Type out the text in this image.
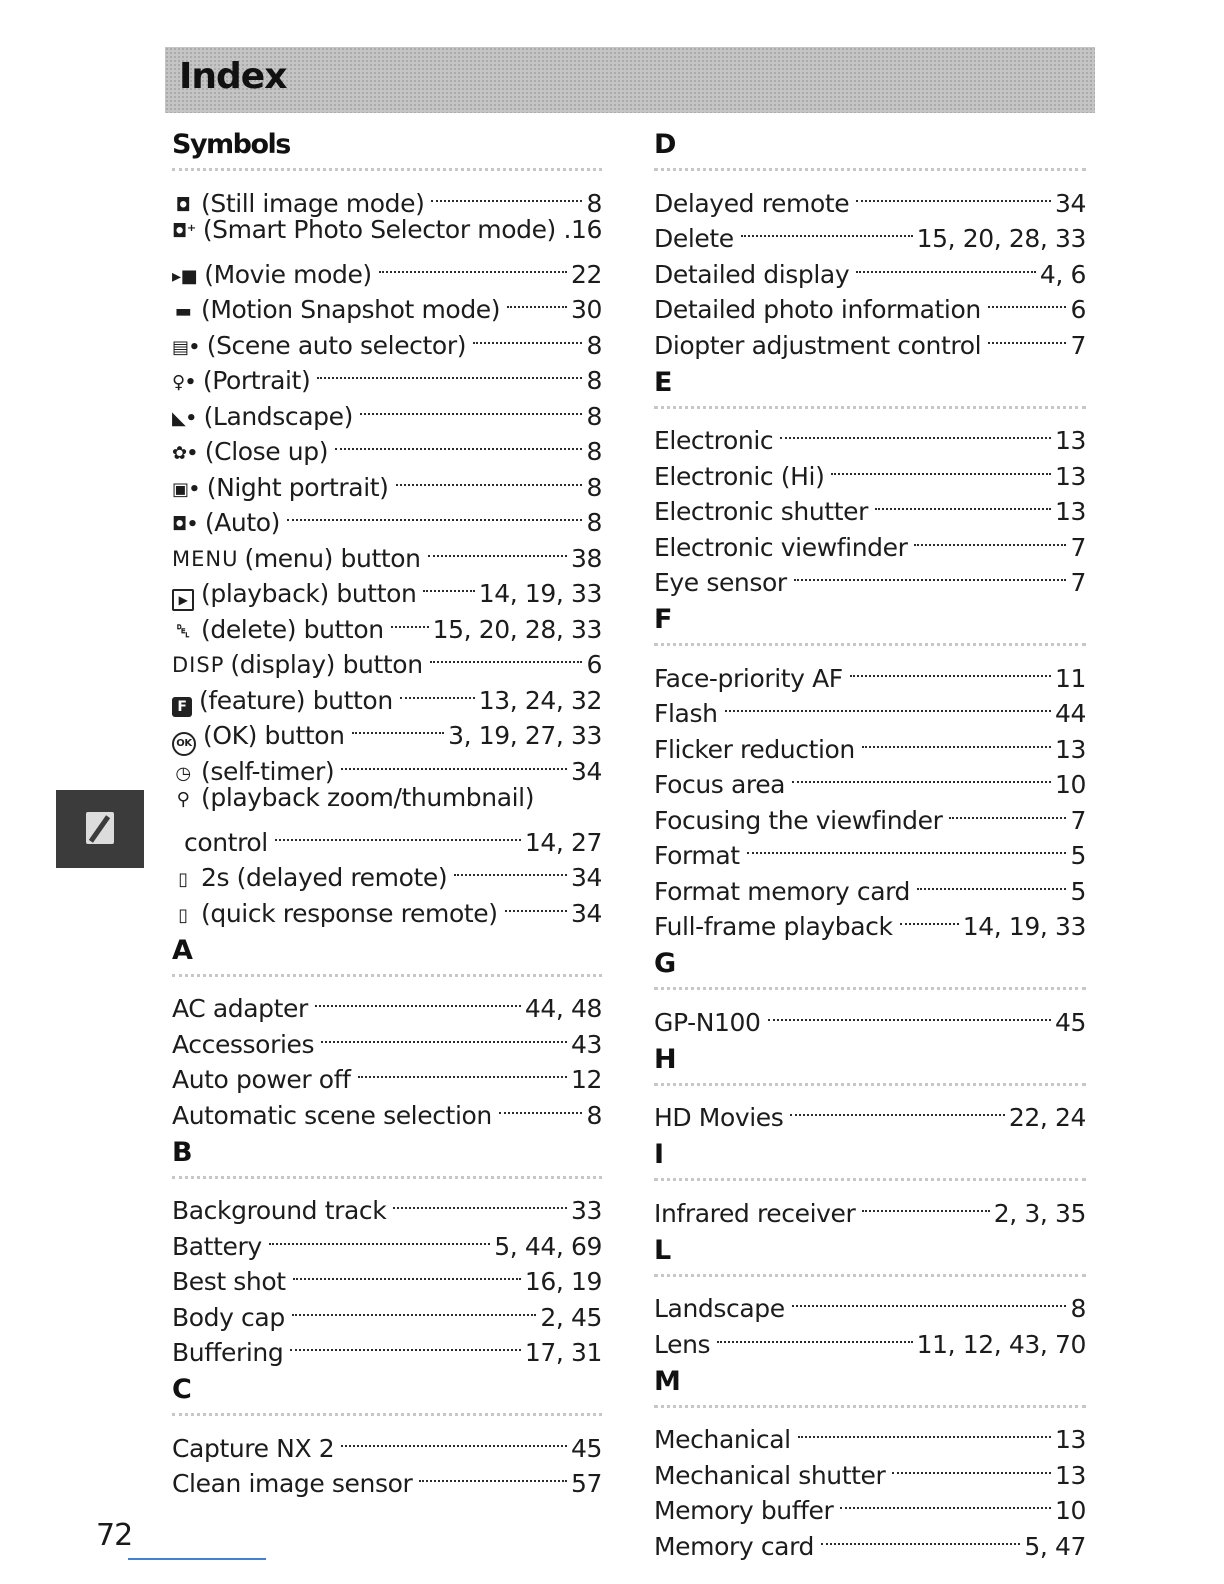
Index
Symbols
◘ (Still image mode)	8
◘⁺ (Smart Photo Selector mode) .16
▸■ (Movie mode)	22
▬ (Motion Snapshot mode)	30
▤• (Scene auto selector)	8
♀• (Portrait)	8
◣• (Landscape)	8
✿• (Close up)	8
▣• (Night portrait)	8
◘• (Auto)	8
MENU (menu) button	38
▶ (playback) button 14, 19, 33
␡ (delete) button 15, 20, 28, 33
DISP (display) button	6
F (feature) button	13, 24, 32
OK (OK) button	3, 19, 27, 33
◷ (self-timer)	34
⚲ (playback zoom/thumbnail)
control	14, 27
▯ 2s (delayed remote)	34
▯ (quick response remote)	34
A
AC adapter	44, 48
Accessories	43
Auto power off	12
Automatic scene selection	8
B
Background track	33
Battery	5, 44, 69
Best shot	16, 19
Body cap	2, 45
Buffering	17, 31
C
Capture NX 2	45
Clean image sensor	57
D
Delayed remote	34
Delete	15, 20, 28, 33
Detailed display	4, 6
Detailed photo information	6
Diopter adjustment control	7
E
Electronic	13
Electronic (Hi)	13
Electronic shutter	13
Electronic viewfinder	7
Eye sensor	7
F
Face-priority AF	11
Flash	44
Flicker reduction	13
Focus area	10
Focusing the viewfinder	7
Format	5
Format memory card	5
Full-frame playback	14, 19, 33
G
GP-N100	45
H
HD Movies	22, 24
I
Infrared receiver	2, 3, 35
L
Landscape	8
Lens	11, 12, 43, 70
M
Mechanical	13
Mechanical shutter	13
Memory buffer	10
Memory card	5, 47
72
